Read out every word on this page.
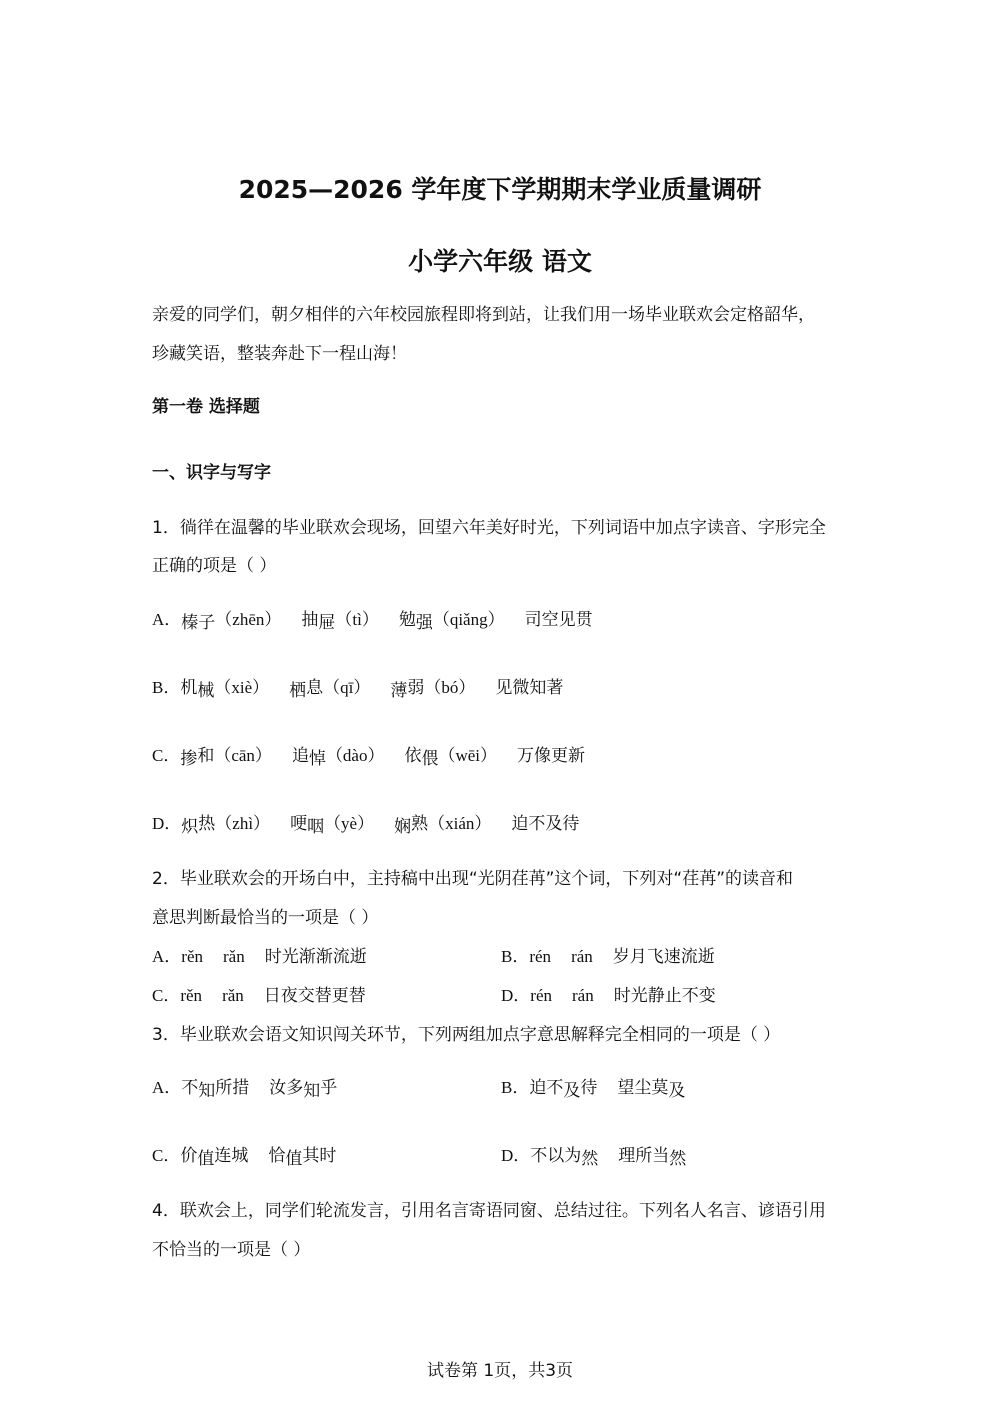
2025—2026 学年度下学期期末学业质量调研
小学六年级 语文
亲爱的同学们，朝夕相伴的六年校园旅程即将到站，让我们用一场毕业联欢会定格韶华，
珍藏笑语，整装奔赴下一程山海！
第一卷 选择题
一、识字与写字
1．徜徉在温馨的毕业联欢会现场，回望六年美好时光，下列词语中加点字读音、字形完全
正确的项是（ ）
A．榛子（zhēn） 抽屉（tì） 勉强（qiǎng） 司空见贯
B．机械（xiè） 栖息（qī） 薄弱（bó） 见微知著
C．掺和（cān） 追悼（dào） 依偎（wēi） 万像更新
D．炽热（zhì） 哽咽（yè） 娴熟（xián） 迫不及待
2．毕业联欢会的开场白中，主持稿中出现“光阴荏苒”这个词，下列对“荏苒”的读音和
意思判断最恰当的一项是（ ）
A．rěn rǎn 时光渐渐流逝	B．rén rán 岁月飞速流逝
C．rěn rǎn 日夜交替更替	D．rén rán 时光静止不变
3．毕业联欢会语文知识闯关环节，下列两组加点字意思解释完全相同的一项是（ ）
A．不知所措 汝多知乎	B．迫不及待 望尘莫及
C．价值连城 恰值其时	D．不以为然 理所当然
4．联欢会上，同学们轮流发言，引用名言寄语同窗、总结过往。下列名人名言、谚语引用
不恰当的一项是（ ）
试卷第 1页，共3页
